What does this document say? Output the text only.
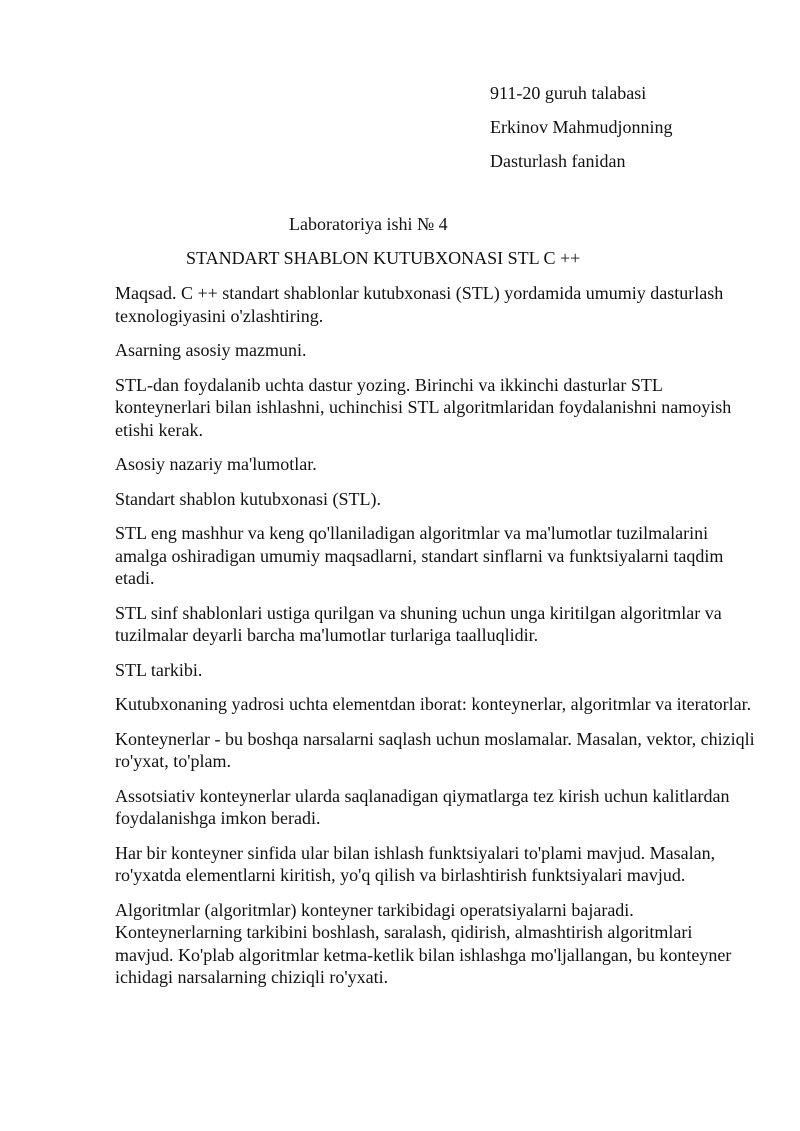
911-20 guruh talabasi
Erkinov Mahmudjonning
Dasturlash fanidan
Laboratoriya ishi № 4
STANDART SHABLON KUTUBXONASI STL C ++

Maqsad. C ++ standart shablonlar kutubxonasi (STL) yordamida umumiy dasturlash texnologiyasini o'zlashtiring.

Asarning asosiy mazmuni.

STL-dan foydalanib uchta dastur yozing. Birinchi va ikkinchi dasturlar STL konteynerlari bilan ishlashni, uchinchisi STL algoritmlaridan foydalanishni namoyish etishi kerak.

Asosiy nazariy ma'lumotlar.

Standart shablon kutubxonasi (STL).

STL eng mashhur va keng qo'llaniladigan algoritmlar va ma'lumotlar tuzilmalarini amalga oshiradigan umumiy maqsadlarni, standart sinflarni va funktsiyalarni taqdim etadi.

STL sinf shablonlari ustiga qurilgan va shuning uchun unga kiritilgan algoritmlar va tuzilmalar deyarli barcha ma'lumotlar turlariga taalluqlidir.

STL tarkibi.

Kutubxonaning yadrosi uchta elementdan iborat: konteynerlar, algoritmlar va iteratorlar.

Konteynerlar - bu boshqa narsalarni saqlash uchun moslamalar. Masalan, vektor, chiziqli ro'yxat, to'plam.

Assotsiativ konteynerlar ularda saqlanadigan qiymatlarga tez kirish uchun kalitlardan foydalanishga imkon beradi.

Har bir konteyner sinfida ular bilan ishlash funktsiyalari to'plami mavjud. Masalan, ro'yxatda elementlarni kiritish, yo'q qilish va birlashtirish funktsiyalari mavjud.

Algoritmlar (algoritmlar) konteyner tarkibidagi operatsiyalarni bajaradi. Konteynerlarning tarkibini boshlash, saralash, qidirish, almashtirish algoritmlari mavjud. Ko'plab algoritmlar ketma-ketlik bilan ishlashga mo'ljallangan, bu konteyner ichidagi narsalarning chiziqli ro'yxati.
